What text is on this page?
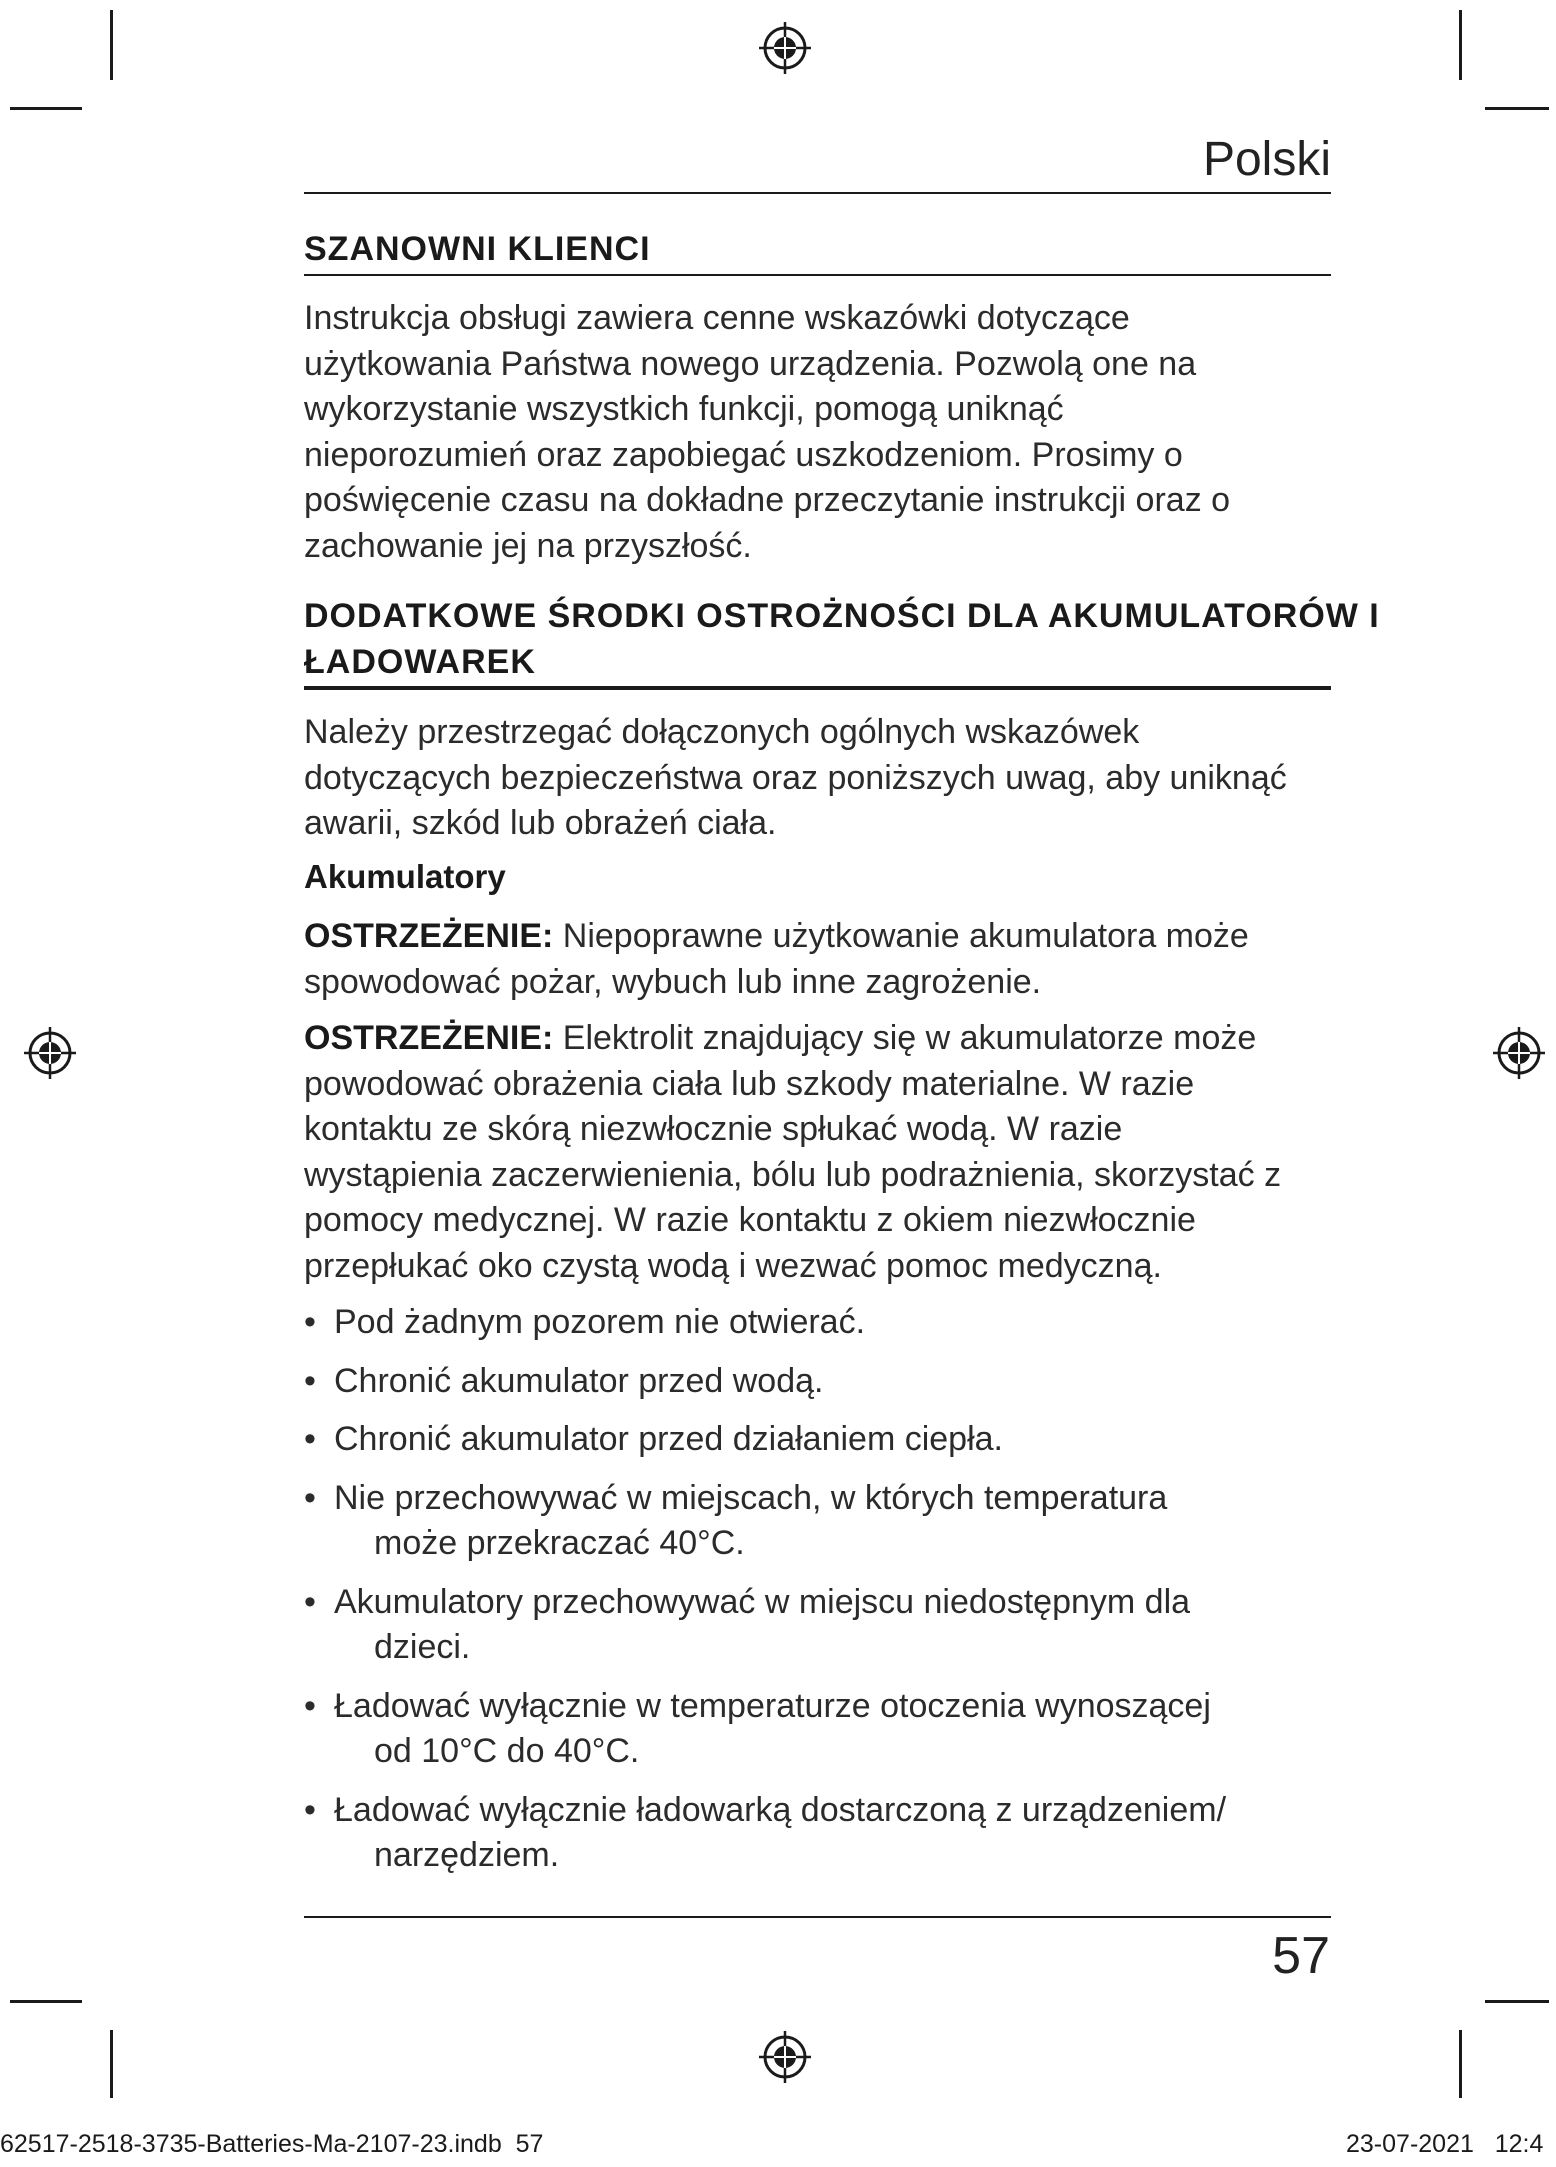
Polski
SZANOWNI KLIENCI
Instrukcja obsługi zawiera cenne wskazówki dotyczące
użytkowania Państwa nowego urządzenia. Pozwolą one na
wykorzystanie wszystkich funkcji, pomogą uniknąć
nieporozumień oraz zapobiegać uszkodzeniom. Prosimy o
poświęcenie czasu na dokładne przeczytanie instrukcji oraz o
zachowanie jej na przyszłość.
DODATKOWE ŚRODKI OSTROŻNOŚCI DLA AKUMULATORÓW I
ŁADOWAREK
Należy przestrzegać dołączonych ogólnych wskazówek
dotyczących bezpieczeństwa oraz poniższych uwag, aby uniknąć
awarii, szkód lub obrażeń ciała.
Akumulatory
OSTRZEŻENIE: Niepoprawne użytkowanie akumulatora może
spowodować pożar, wybuch lub inne zagrożenie.
OSTRZEŻENIE: Elektrolit znajdujący się w akumulatorze może
powodować obrażenia ciała lub szkody materialne. W razie
kontaktu ze skórą niezwłocznie spłukać wodą. W razie
wystąpienia zaczerwienienia, bólu lub podrażnienia, skorzystać z
pomocy medycznej. W razie kontaktu z okiem niezwłocznie
przepłukać oko czystą wodą i wezwać pomoc medyczną.
• Pod żadnym pozorem nie otwierać.
• Chronić akumulator przed wodą.
• Chronić akumulator przed działaniem ciepła.
• Nie przechowywać w miejscach, w których temperatura
może przekraczać 40°C.
• Akumulatory przechowywać w miejscu niedostępnym dla
dzieci.
• Ładować wyłącznie w temperaturze otoczenia wynoszącej
od 10°C do 40°C.
• Ładować wyłącznie ładowarką dostarczoną z urządzeniem/
narzędziem.
57
62517-2518-3735-Batteries-Ma-2107-23.indb 57	23-07-2021 12:4
